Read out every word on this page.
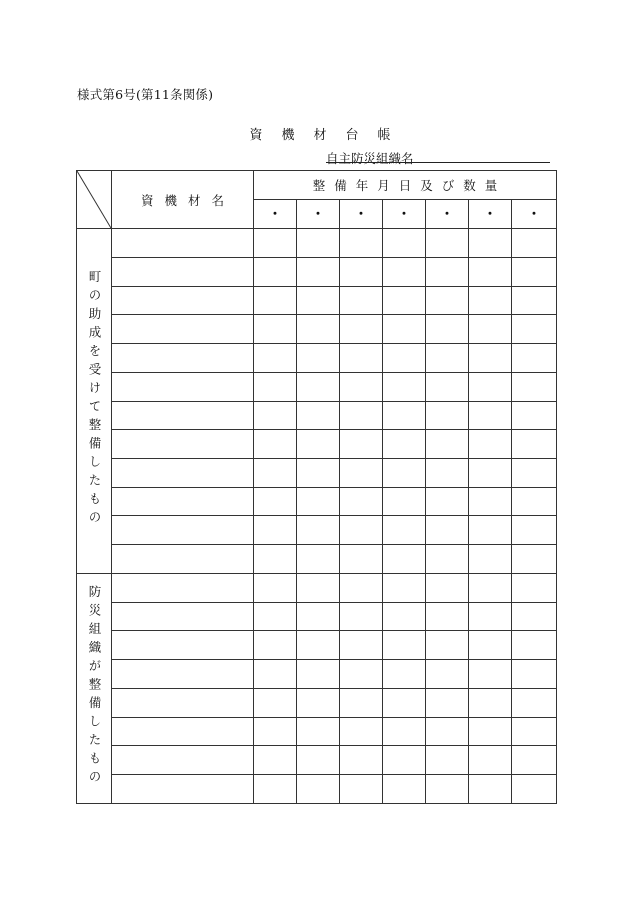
様式第6号(第11条関係)
資機材台帳
自主防災組織名
	資機材名	整備年月日及び数量						
		・	・	・	・	・	・	・
町の助成を受けて整備したもの								

防災組織が整備したもの								
